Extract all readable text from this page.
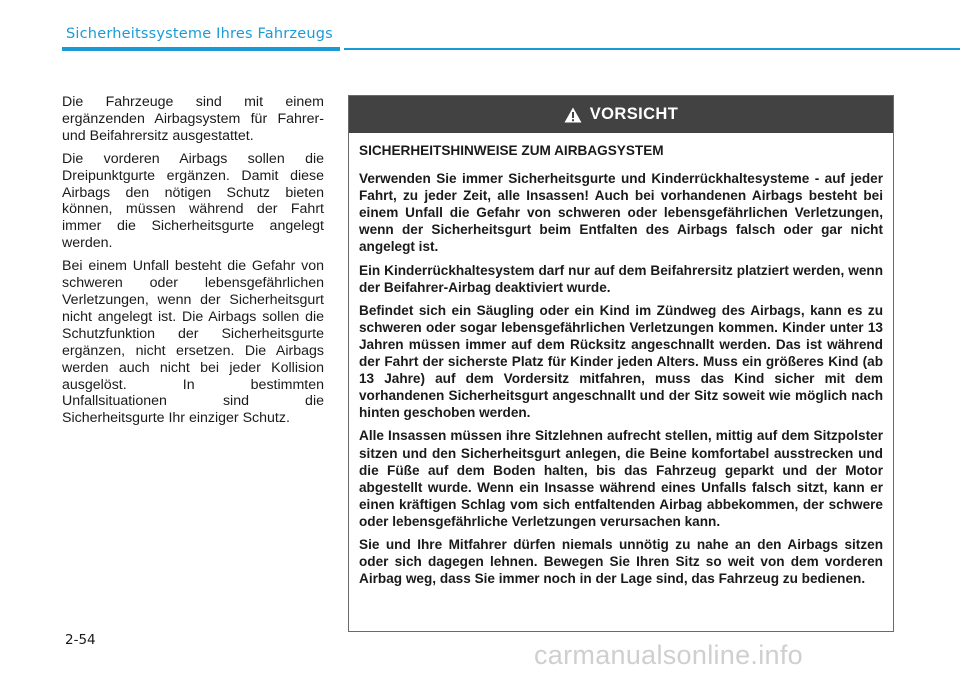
Sicherheitssysteme Ihres Fahrzeugs

Die Fahrzeuge sind mit einem ergänzenden Airbagsystem für Fahrer- und Beifahrersitz ausgestattet.

Die vorderen Airbags sollen die Dreipunktgurte ergänzen. Damit diese Airbags den nötigen Schutz bieten können, müssen während der Fahrt immer die Sicherheitsgurte angelegt werden.

Bei einem Unfall besteht die Gefahr von schweren oder lebensgefährlichen Verletzungen, wenn der Sicherheitsgurt nicht angelegt ist. Die Airbags sollen die Schutzfunktion der Sicherheitsgurte ergänzen, nicht ersetzen. Die Airbags werden auch nicht bei jeder Kollision ausgelöst. In bestimmten Unfallsituationen sind die Sicherheitsgurte Ihr einziger Schutz.

VORSICHT
SICHERHEITSHINWEISE ZUM AIRBAGSYSTEM

Verwenden Sie immer Sicherheitsgurte und Kinderrückhaltesysteme - auf jeder Fahrt, zu jeder Zeit, alle Insassen! Auch bei vorhandenen Airbags besteht bei einem Unfall die Gefahr von schweren oder lebensgefährlichen Verletzungen, wenn der Sicherheitsgurt beim Entfalten des Airbags falsch oder gar nicht angelegt ist.

Ein Kinderrückhaltesystem darf nur auf dem Beifahrersitz platziert werden, wenn der Beifahrer-Airbag deaktiviert wurde.

Befindet sich ein Säugling oder ein Kind im Zündweg des Airbags, kann es zu schweren oder sogar lebensgefährlichen Verletzungen kommen. Kinder unter 13 Jahren müssen immer auf dem Rücksitz angeschnallt werden. Das ist während der Fahrt der sicherste Platz für Kinder jeden Alters. Muss ein größeres Kind (ab 13 Jahre) auf dem Vordersitz mitfahren, muss das Kind sicher mit dem vorhandenen Sicherheitsgurt angeschnallt und der Sitz soweit wie möglich nach hinten geschoben werden.

Alle Insassen müssen ihre Sitzlehnen aufrecht stellen, mittig auf dem Sitzpolster sitzen und den Sicherheitsgurt anlegen, die Beine komfortabel ausstrecken und die Füße auf dem Boden halten, bis das Fahrzeug geparkt und der Motor abgestellt wurde. Wenn ein Insasse während eines Unfalls falsch sitzt, kann er einen kräftigen Schlag vom sich entfaltenden Airbag abbekommen, der schwere oder lebensgefährliche Verletzungen verursachen kann.

Sie und Ihre Mitfahrer dürfen niemals unnötig zu nahe an den Airbags sitzen oder sich dagegen lehnen. Bewegen Sie Ihren Sitz so weit von dem vorderen Airbag weg, dass Sie immer noch in der Lage sind, das Fahrzeug zu bedienen.

2-54	carmanualsonline.info
